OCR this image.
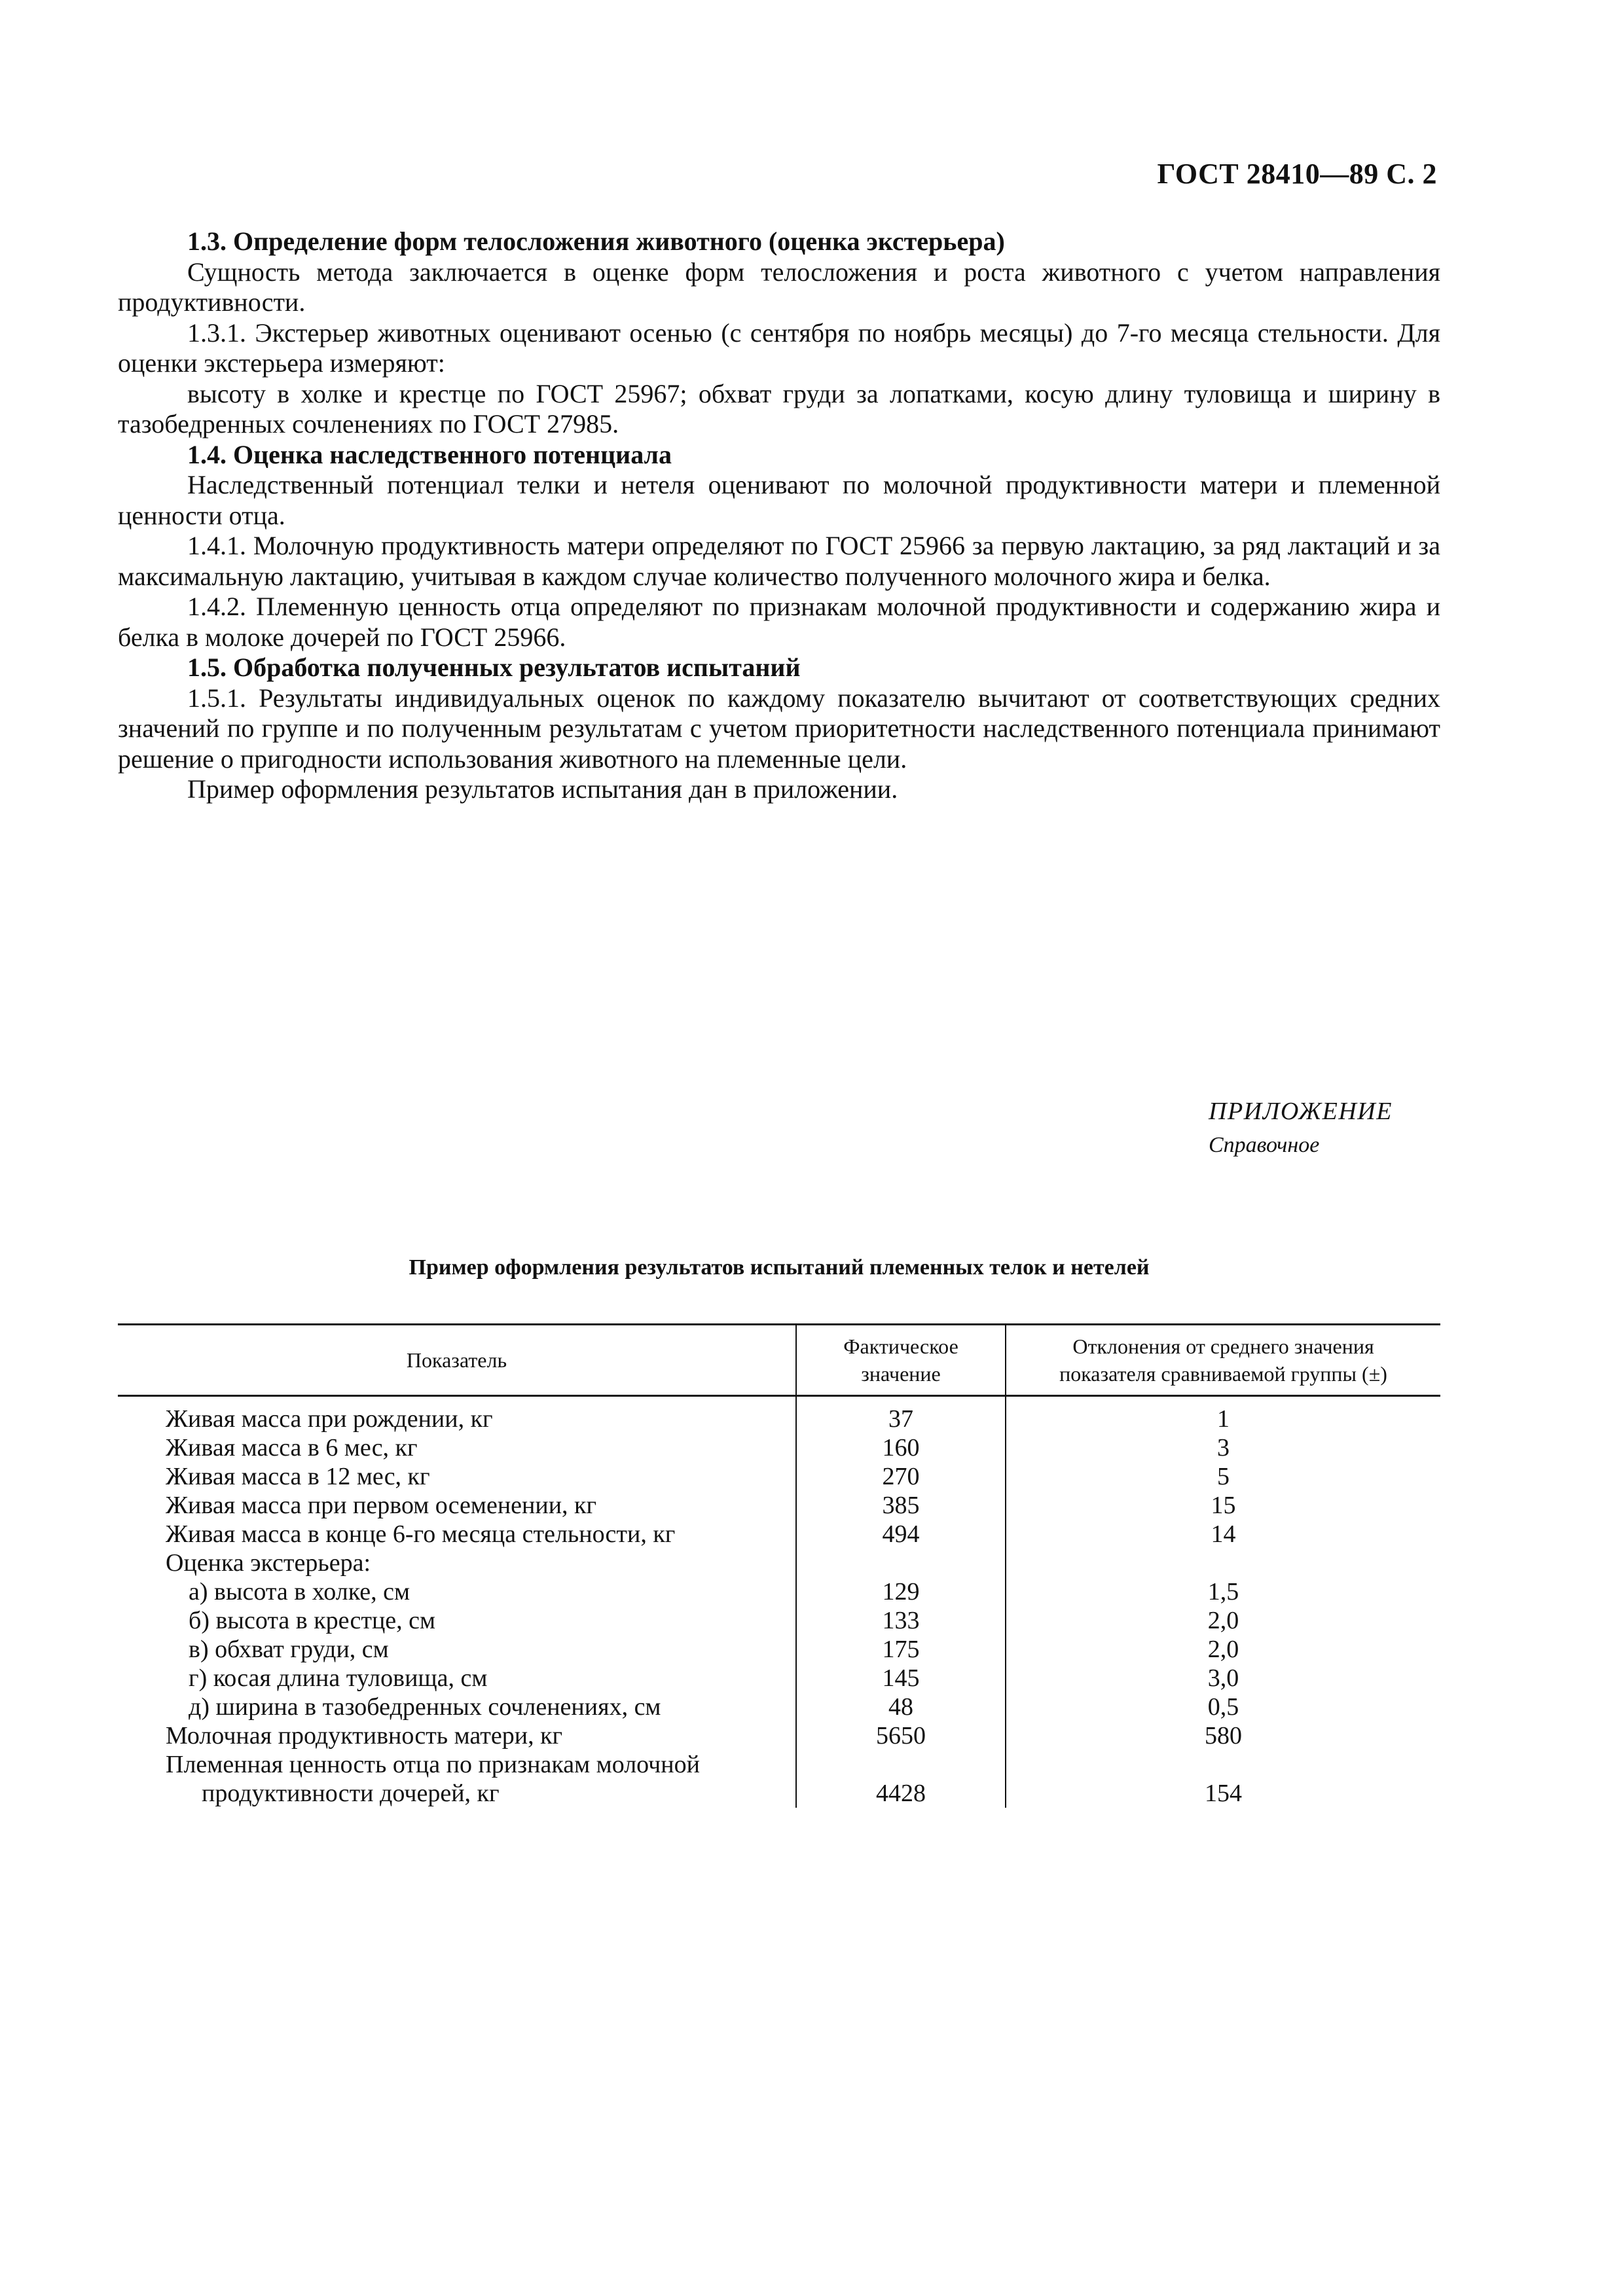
ГОСТ 28410—89 С. 2

1.3. Определение форм телосложения животного (оценка экстерьера)

Сущность метода заключается в оценке форм телосложения и роста животного с учетом направления продуктивности.

1.3.1. Экстерьер животных оценивают осенью (с сентября по ноябрь месяцы) до 7-го месяца стельности. Для оценки экстерьера измеряют:

высоту в холке и крестце по ГОСТ 25967; обхват груди за лопатками, косую длину туловища и ширину в тазобедренных сочленениях по ГОСТ 27985.

1.4. Оценка наследственного потенциала

Наследственный потенциал телки и нетеля оценивают по молочной продуктивности матери и племенной ценности отца.

1.4.1. Молочную продуктивность матери определяют по ГОСТ 25966 за первую лактацию, за ряд лактаций и за максимальную лактацию, учитывая в каждом случае количество полученного молочного жира и белка.

1.4.2. Племенную ценность отца определяют по признакам молочной продуктивности и содержанию жира и белка в молоке дочерей по ГОСТ 25966.

1.5. Обработка полученных результатов испытаний

1.5.1. Результаты индивидуальных оценок по каждому показателю вычитают от соответствующих средних значений по группе и по полученным результатам с учетом приоритетности наследственного потенциала принимают решение о пригодности использования животного на племенные цели.

Пример оформления результатов испытания дан в приложении.

ПРИЛОЖЕНИЕ
Справочное
Пример оформления результатов испытаний племенных телок и нетелей
Показатель	Фактическое значение	Отклонения от среднего значения показателя сравниваемой группы (±)

Живая масса при рождении, кг	37	1
Живая масса в 6 мес, кг	160	3
Живая масса в 12 мес, кг	270	5
Живая масса при первом осеменении, кг	385	15
Живая масса в конце 6-го месяца стельности, кг	494	14
Оценка экстерьера:		
а) высота в холке, см	129	1,5
б) высота в крестце, см	133	2,0
в) обхват груди, см	175	2,0
г) косая длина туловища, см	145	3,0
д) ширина в тазобедренных сочленениях, см	48	0,5
Молочная продуктивность матери, кг	5650	580
Племенная ценность отца по признакам молочной		
продуктивности дочерей, кг	4428	154
